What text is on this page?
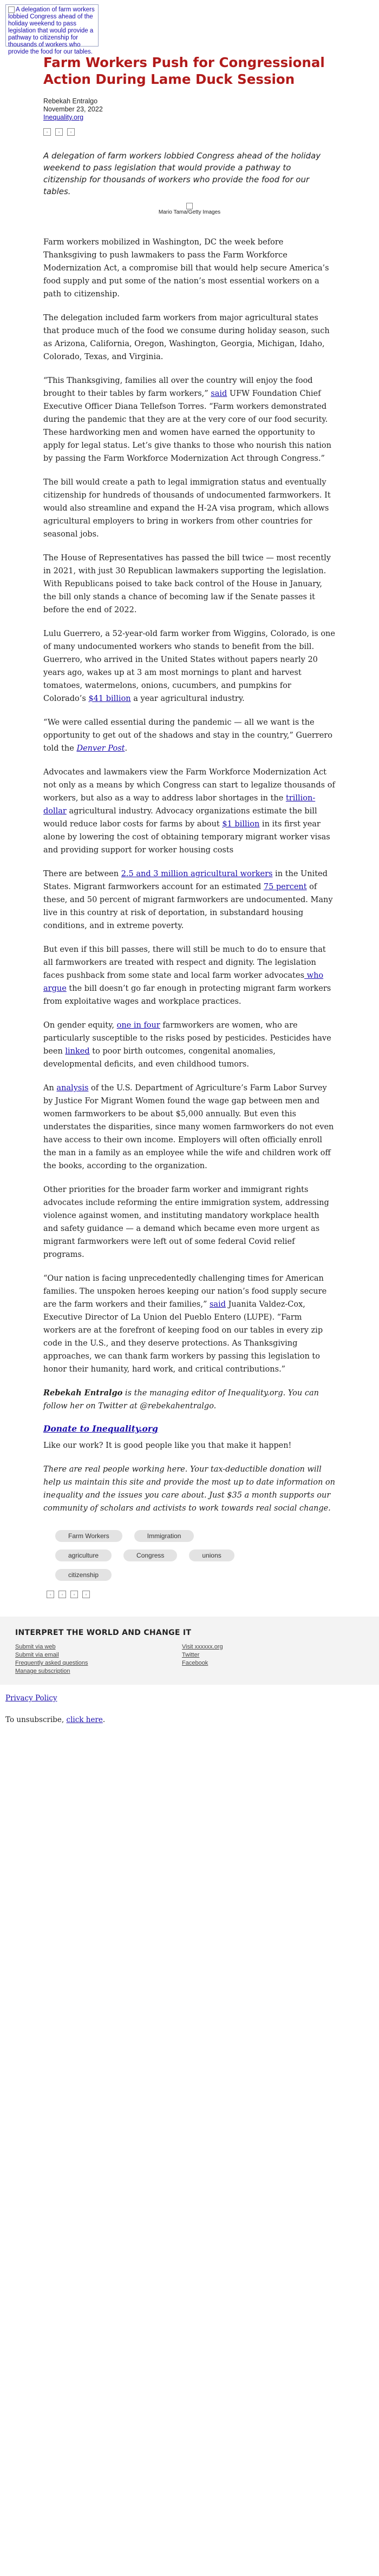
A delegation of farm workers lobbied Congress ahead of the holiday weekend to pass legislation that would provide a pathway to citizenship for thousands of workers who provide the food for our tables.
Farm Workers Push for Congressional Action During Lame Duck Session
Rebekah Entralgo
November 23, 2022
Inequality.org
▫	▫	▫

A delegation of farm workers lobbied Congress ahead of the holiday weekend to pass legislation that would provide a pathway to citizenship for thousands of workers who provide the food for our tables.

Mario Tama/Getty Images

Farm workers mobilized in Washington, DC the week before Thanksgiving to push lawmakers to pass the Farm Workforce Modernization Act, a compromise bill that would help secure America’s food supply and put some of the nation’s most essential workers on a path to citizenship.

The delegation included farm workers from major agricultural states that produce much of the food we consume during holiday season, such as Arizona, California, Oregon, Washington, Georgia, Michigan, Idaho, Colorado, Texas, and Virginia.

“This Thanksgiving, families all over the country will enjoy the food brought to their tables by farm workers,” said UFW Foundation Chief Executive Officer Diana Tellefson Torres. “Farm workers demonstrated during the pandemic that they are at the very core of our food security. These hardworking men and women have earned the opportunity to apply for legal status. Let’s give thanks to those who nourish this nation by passing the Farm Workforce Modernization Act through Congress.”

The bill would create a path to legal immigration status and eventually citizenship for hundreds of thousands of undocumented farmworkers. It would also streamline and expand the H-2A visa program, which allows agricultural employers to bring in workers from other countries for seasonal jobs.

The House of Representatives has passed the bill twice — most recently in 2021, with just 30 Republican lawmakers supporting the legislation. With Republicans poised to take back control of the House in January, the bill only stands a chance of becoming law if the Senate passes it before the end of 2022.

Lulu Guerrero, a 52-year-old farm worker from Wiggins, Colorado, is one of many undocumented workers who stands to benefit from the bill. Guerrero, who arrived in the United States without papers nearly 20 years ago, wakes up at 3 am most mornings to plant and harvest tomatoes, watermelons, onions, cucumbers, and pumpkins for Colorado’s $41 billion a year agricultural industry.

“We were called essential during the pandemic — all we want is the opportunity to get out of the shadows and stay in the country,” Guerrero told the Denver Post.

Advocates and lawmakers view the Farm Workforce Modernization Act not only as a means by which Congress can start to legalize thousands of workers, but also as a way to address labor shortages in the trillion-dollar agricultural industry. Advocacy organizations estimate the bill would reduce labor costs for farms by about $1 billion in its first year alone by lowering the cost of obtaining temporary migrant worker visas and providing support for worker housing costs

There are between 2.5 and 3 million agricultural workers in the United States. Migrant farmworkers account for an estimated 75 percent of these, and 50 percent of migrant farmworkers are undocumented. Many live in this country at risk of deportation, in substandard housing conditions, and in extreme poverty.

But even if this bill passes, there will still be much to do to ensure that all farmworkers are treated with respect and dignity. The legislation faces pushback from some state and local farm worker advocates who argue the bill doesn’t go far enough in protecting migrant farm workers from exploitative wages and workplace practices.

On gender equity, one in four farmworkers are women, who are particularly susceptible to the risks posed by pesticides. Pesticides have been linked to poor birth outcomes, congenital anomalies, developmental deficits, and even childhood tumors.

An analysis of the U.S. Department of Agriculture’s Farm Labor Survey by Justice For Migrant Women found the wage gap between men and women farmworkers to be about $5,000 annually. But even this understates the disparities, since many women farmworkers do not even have access to their own income. Employers will often officially enroll the man in a family as an employee while the wife and children work off the books, according to the organization.

Other priorities for the broader farm worker and immigrant rights advocates include reforming the entire immigration system, addressing violence against women, and instituting mandatory workplace health and safety guidance — a demand which became even more urgent as migrant farmworkers were left out of some federal Covid relief programs.

“Our nation is facing unprecedentedly challenging times for American families. The unspoken heroes keeping our nation’s food supply secure are the farm workers and their families,” said Juanita Valdez-Cox, Executive Director of La Union del Pueblo Entero (LUPE). “Farm workers are at the forefront of keeping food on our tables in every zip code in the U.S., and they deserve protections. As Thanksgiving approaches, we can thank farm workers by passing this legislation to honor their humanity, hard work, and critical contributions.”

Rebekah Entralgo is the managing editor of Inequality.org. You can follow her on Twitter at @rebekahentralgo.

Donate to Inequality.org

Like our work? It is good people like you that make it happen!

There are real people working here. Your tax-deductible donation will help us maintain this site and provide the most up to date information on inequality and the issues you care about. Just $35 a month supports our community of scholars and activists to work towards real social change.

Farm Workers	Immigration
agriculture	Congress	unions
citizenship
▫	▫	▫	▫
INTERPRET THE WORLD AND CHANGE IT
Submit via web	Visit xxxxxx.org
Submit via email	Twitter
Frequently asked questions	Facebook
Manage subscription

Privacy Policy

To unsubscribe, click here.
